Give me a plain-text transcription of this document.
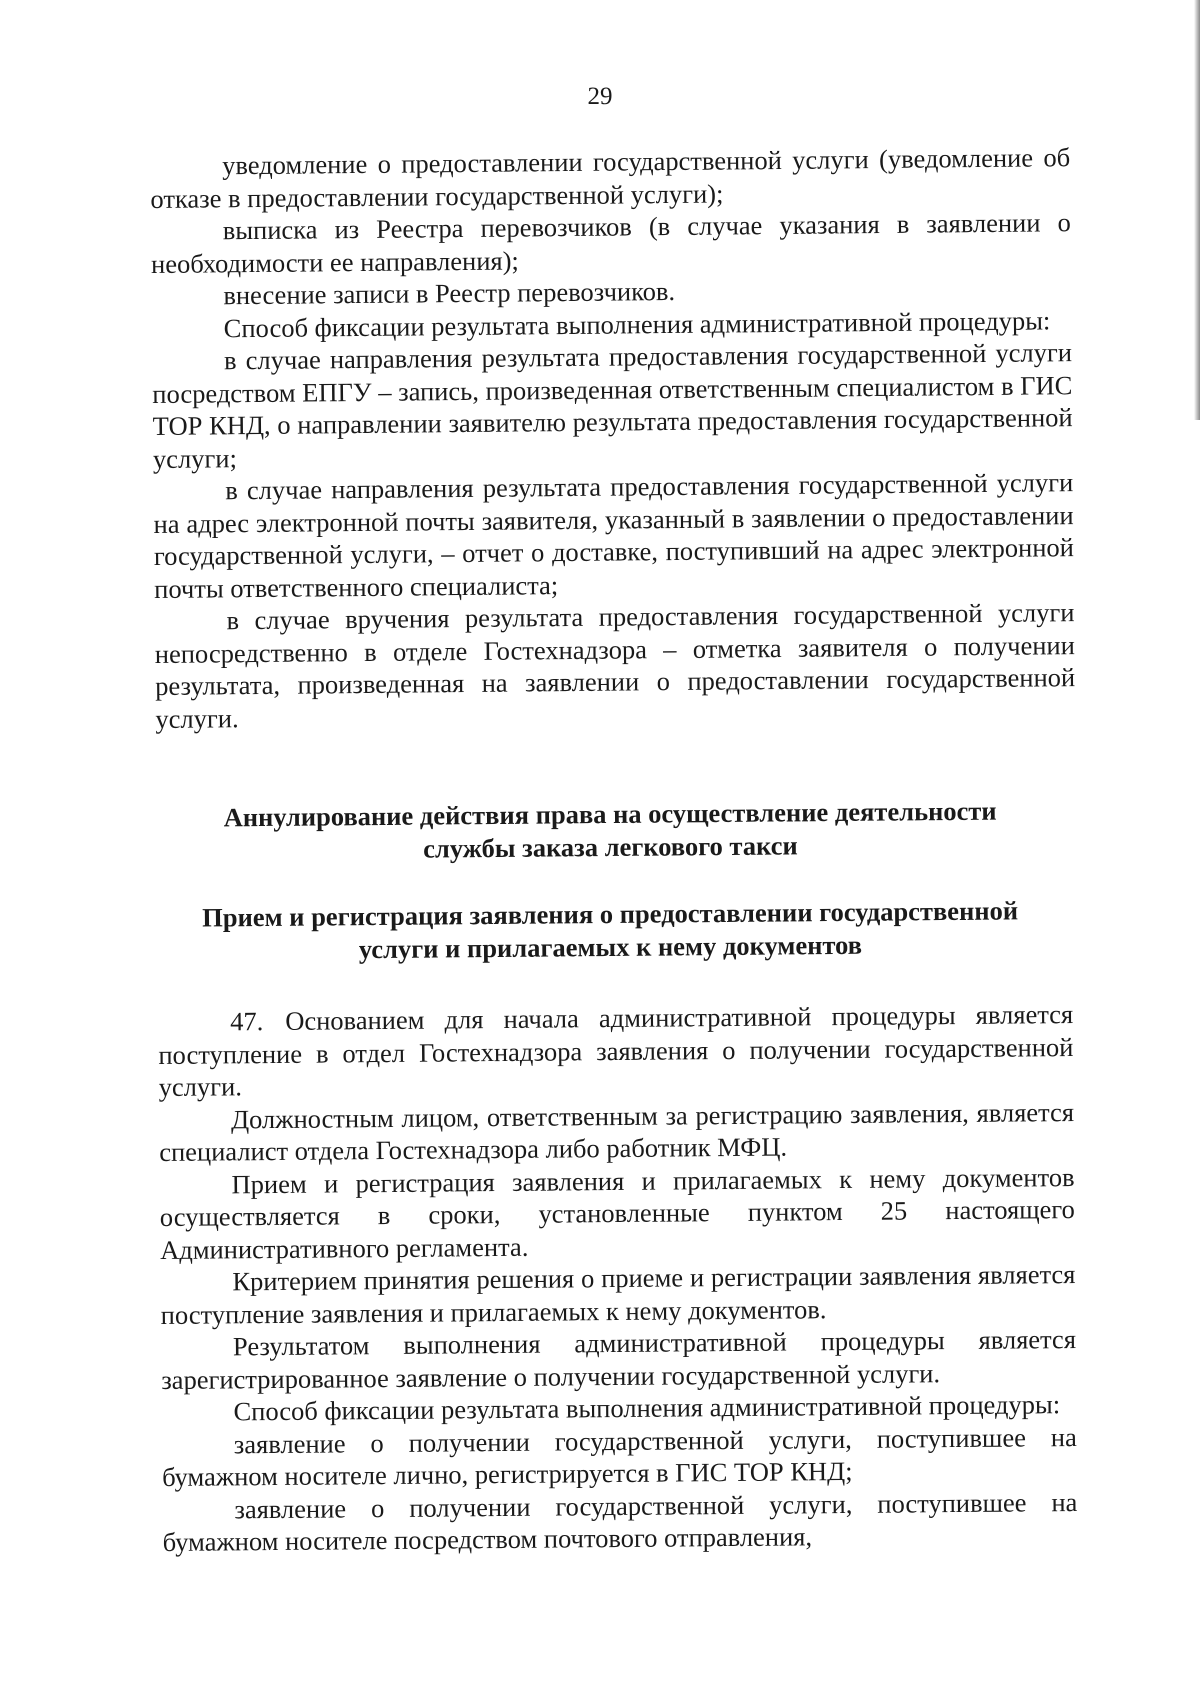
29

уведомление о предоставлении государственной услуги (уведомление об отказе в предоставлении государственной услуги);

выписка из Реестра перевозчиков (в случае указания в заявлении о необходимости ее направления);

внесение записи в Реестр перевозчиков.

Способ фиксации результата выполнения административной процедуры:

в случае направления результата предоставления государственной услуги посредством ЕПГУ – запись, произведенная ответственным специалистом в ГИС ТОР КНД, о направлении заявителю результата предоставления государственной услуги;

в случае направления результата предоставления государственной услуги на адрес электронной почты заявителя, указанный в заявлении о предоставлении государственной услуги, – отчет о доставке, поступивший на адрес электронной почты ответственного специалиста;

в случае вручения результата предоставления государственной услуги непосредственно в отделе Гостехнадзора – отметка заявителя о получении результата, произведенная на заявлении о предоставлении государственной услуги.

Аннулирование действия права на осуществление деятельности
службы заказа легкового такси
Прием и регистрация заявления о предоставлении государственной
услуги и прилагаемых к нему документов

47. Основанием для начала административной процедуры является поступление в отдел Гостехнадзора заявления о получении государственной услуги.

Должностным лицом, ответственным за регистрацию заявления, является специалист отдела Гостехнадзора либо работник МФЦ.

Прием и регистрация заявления и прилагаемых к нему документов осуществляется в сроки, установленные пунктом 25 настоящего Административного регламента.

Критерием принятия решения о приеме и регистрации заявления является поступление заявления и прилагаемых к нему документов.

Результатом выполнения административной процедуры является зарегистрированное заявление о получении государственной услуги.

Способ фиксации результата выполнения административной процедуры:

заявление о получении государственной услуги, поступившее на бумажном носителе лично, регистрируется в ГИС ТОР КНД;

заявление о получении государственной услуги, поступившее на бумажном носителе посредством почтового отправления,
